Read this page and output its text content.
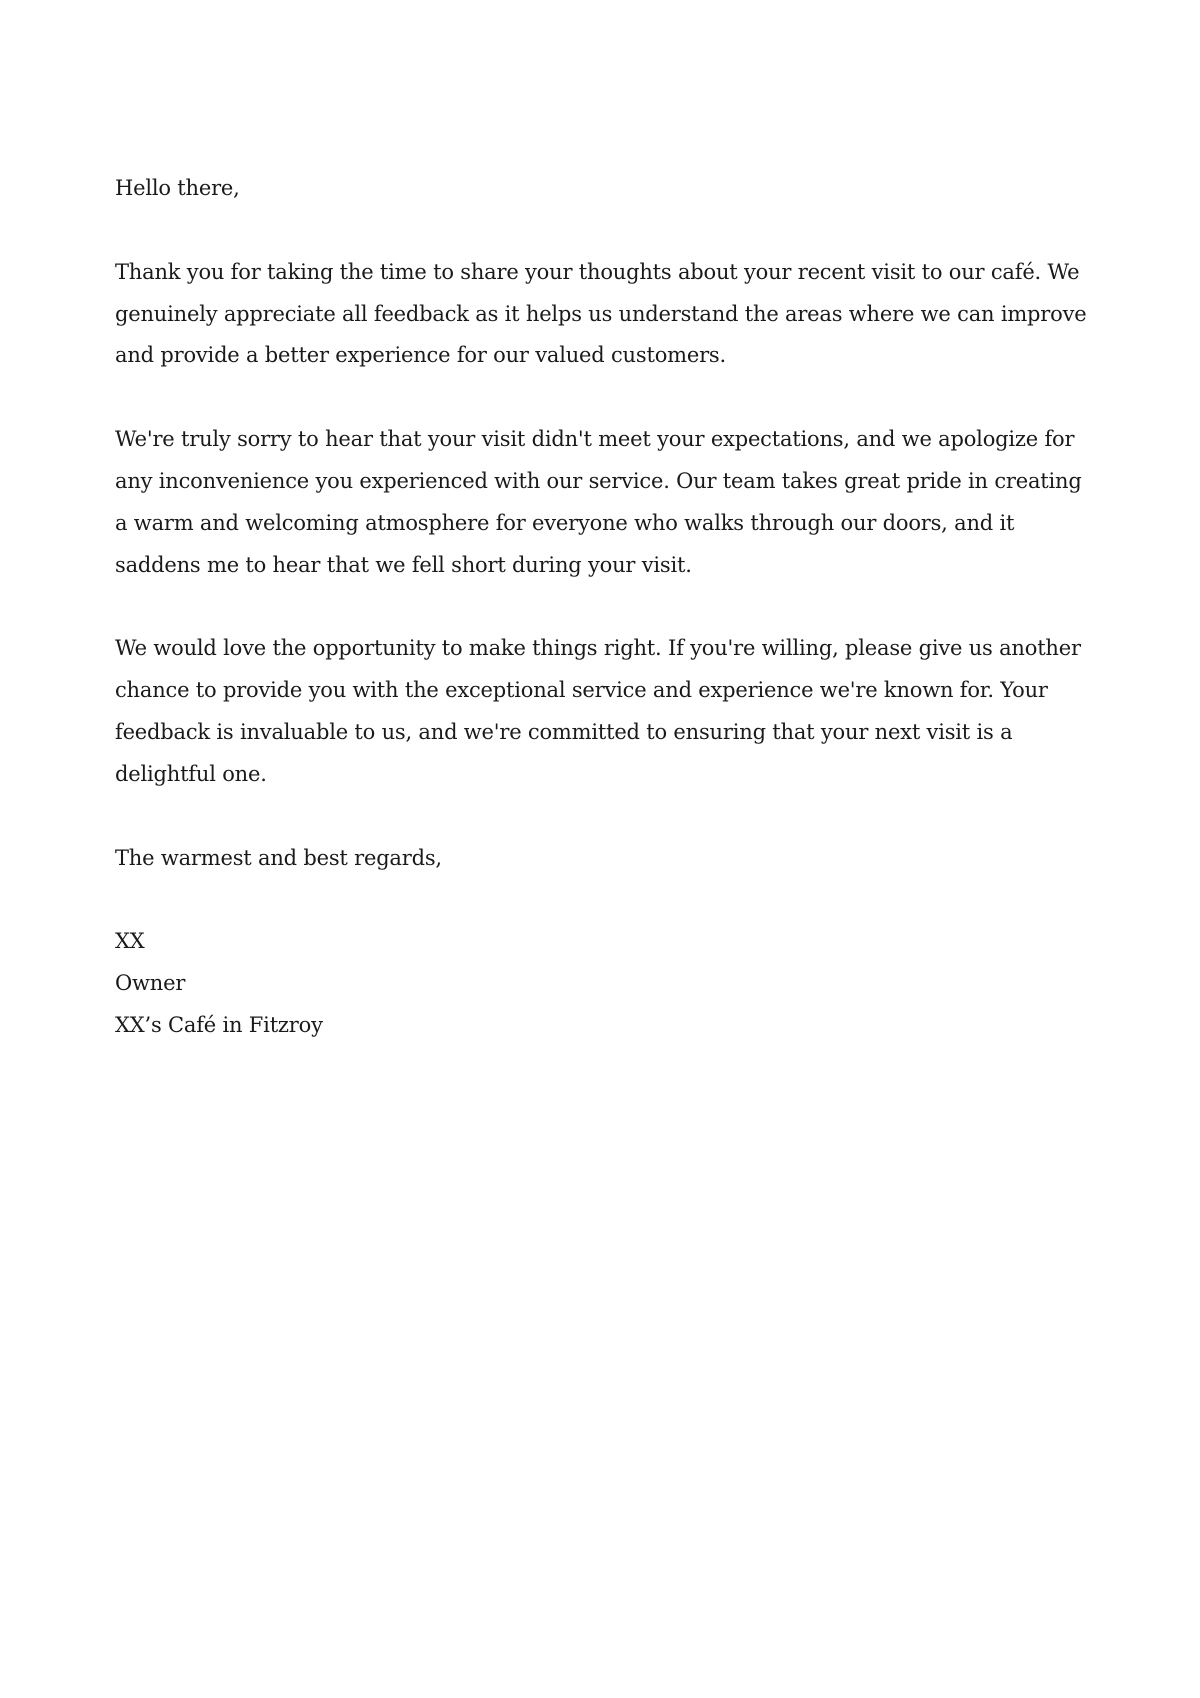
Hello there,

Thank you for taking the time to share your thoughts about your recent visit to our café. We genuinely appreciate all feedback as it helps us understand the areas where we can improve and provide a better experience for our valued customers.

We're truly sorry to hear that your visit didn't meet your expectations, and we apologize for any inconvenience you experienced with our service. Our team takes great pride in creating a warm and welcoming atmosphere for everyone who walks through our doors, and it saddens me to hear that we fell short during your visit.

We would love the opportunity to make things right. If you're willing, please give us another chance to provide you with the exceptional service and experience we're known for. Your feedback is invaluable to us, and we're committed to ensuring that your next visit is a delightful one.

The warmest and best regards,

XX
Owner
XX’s Café in Fitzroy
